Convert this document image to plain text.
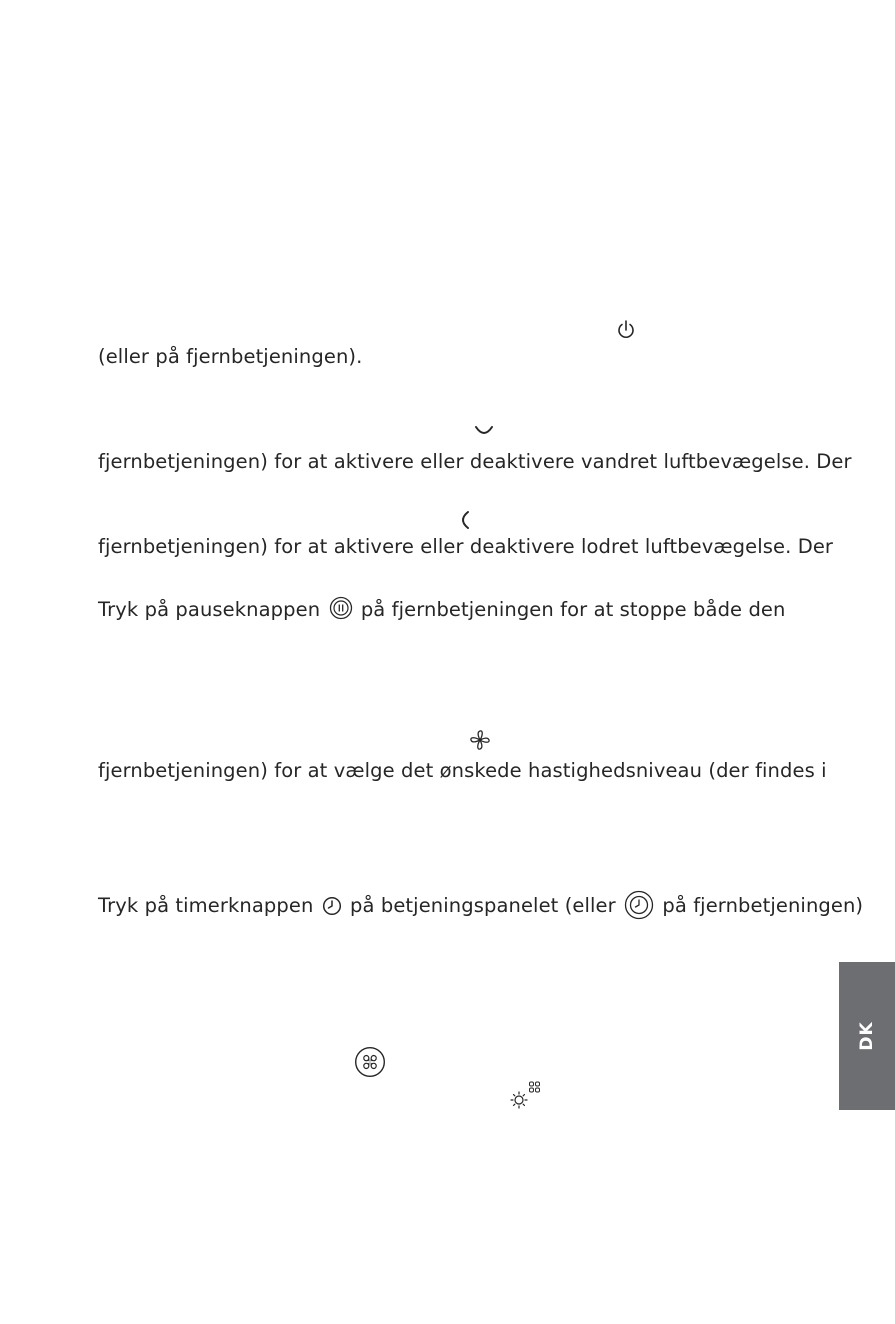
(eller på fjernbetjeningen).
fjernbetjeningen) for at aktivere eller deaktivere vandret luftbevægelse. Der
fjernbetjeningen) for at aktivere eller deaktivere lodret luftbevægelse. Der
Tryk på pauseknappen på fjernbetjeningen for at stoppe både den
fjernbetjeningen) for at vælge det ønskede hastighedsniveau (der findes i
Tryk på timerknappen på betjeningspanelet (eller på fjernbetjeningen)
DK
